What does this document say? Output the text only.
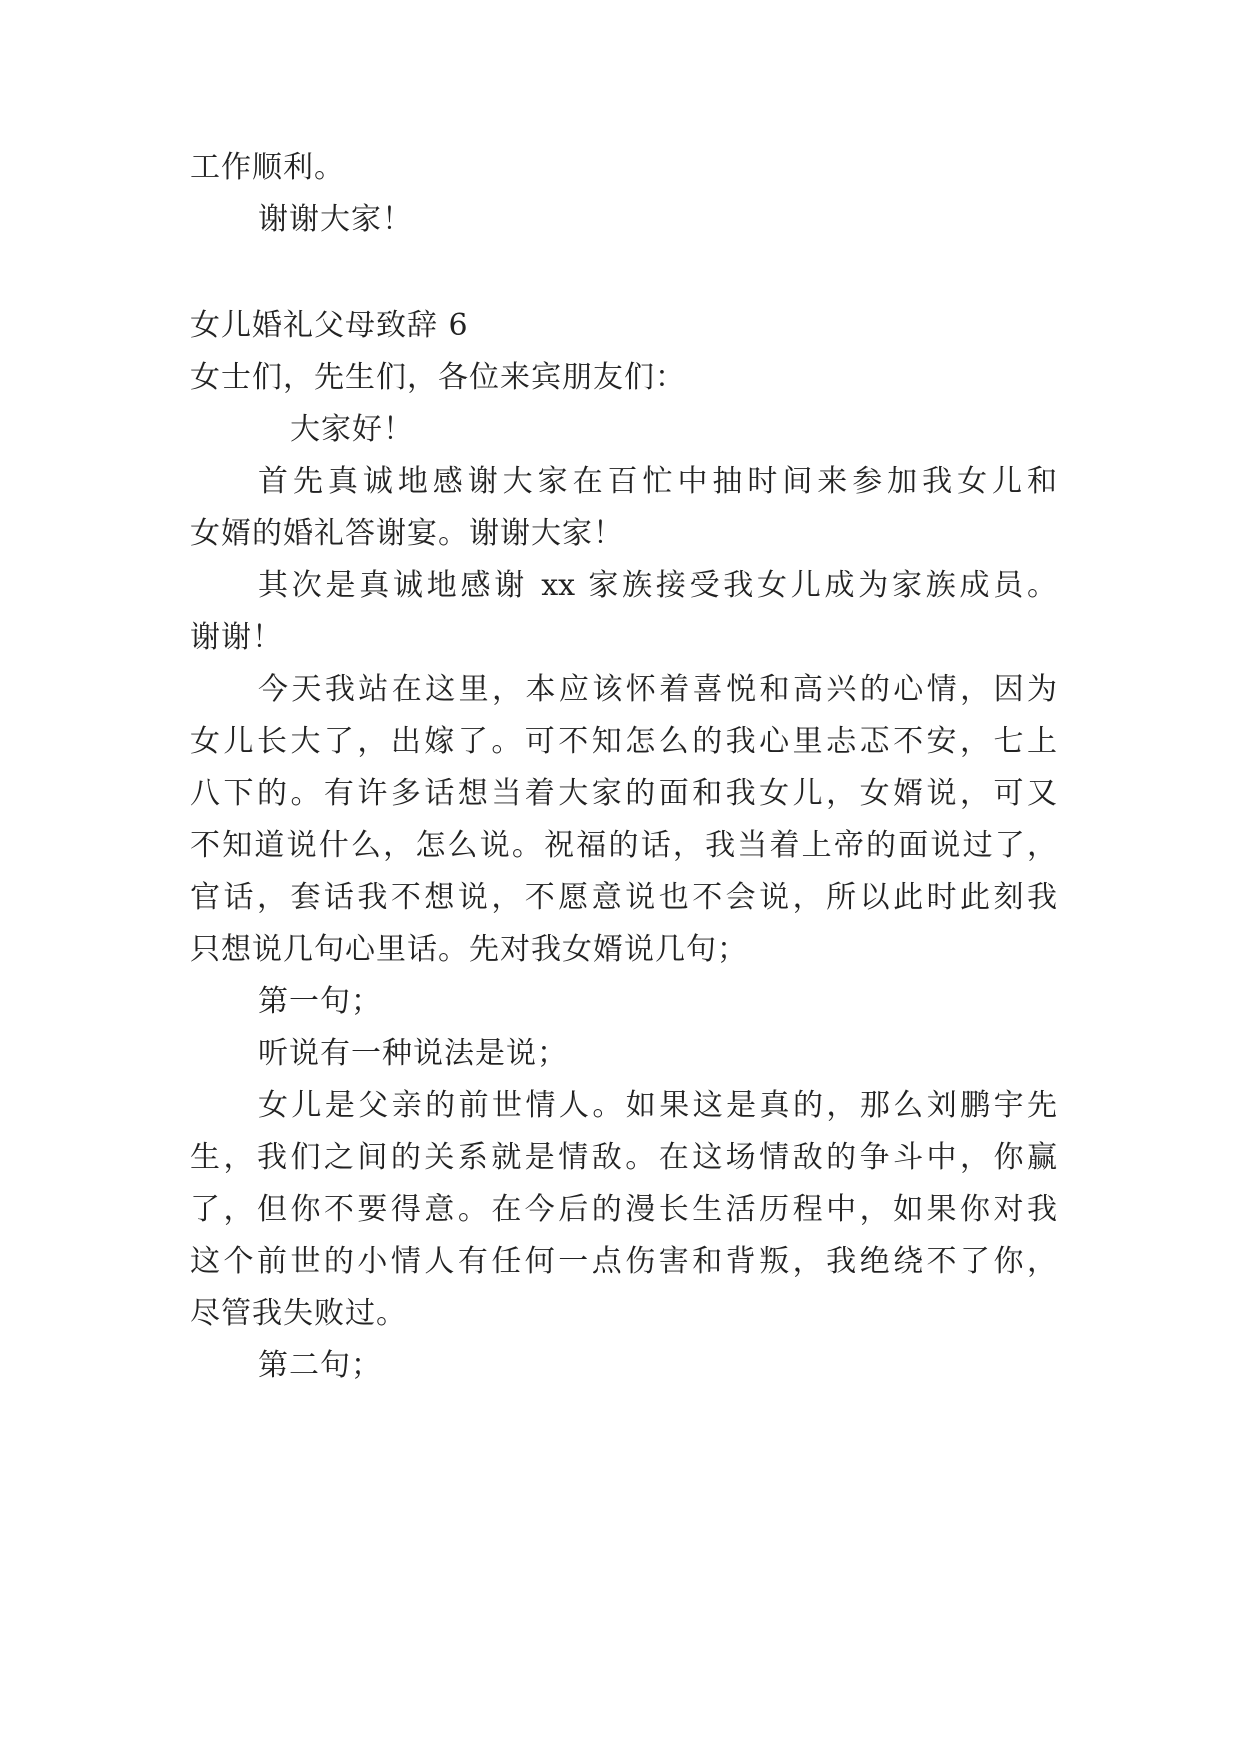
工作顺利。
谢谢大家！
女儿婚礼父母致辞 6
女士们，先生们，各位来宾朋友们：
大家好！
首先真诚地感谢大家在百忙中抽时间来参加我女儿和
女婿的婚礼答谢宴。谢谢大家！
其次是真诚地感谢 xx 家族接受我女儿成为家族成员。
谢谢！
今天我站在这里，本应该怀着喜悦和高兴的心情，因为
女儿长大了，出嫁了。可不知怎么的我心里忐忑不安，七上
八下的。有许多话想当着大家的面和我女儿，女婿说，可又
不知道说什么，怎么说。祝福的话，我当着上帝的面说过了，
官话，套话我不想说，不愿意说也不会说，所以此时此刻我
只想说几句心里话。先对我女婿说几句；
第一句；
听说有一种说法是说；
女儿是父亲的前世情人。如果这是真的，那么刘鹏宇先
生，我们之间的关系就是情敌。在这场情敌的争斗中，你赢
了，但你不要得意。在今后的漫长生活历程中，如果你对我
这个前世的小情人有任何一点伤害和背叛，我绝绕不了你，
尽管我失败过。
第二句；
